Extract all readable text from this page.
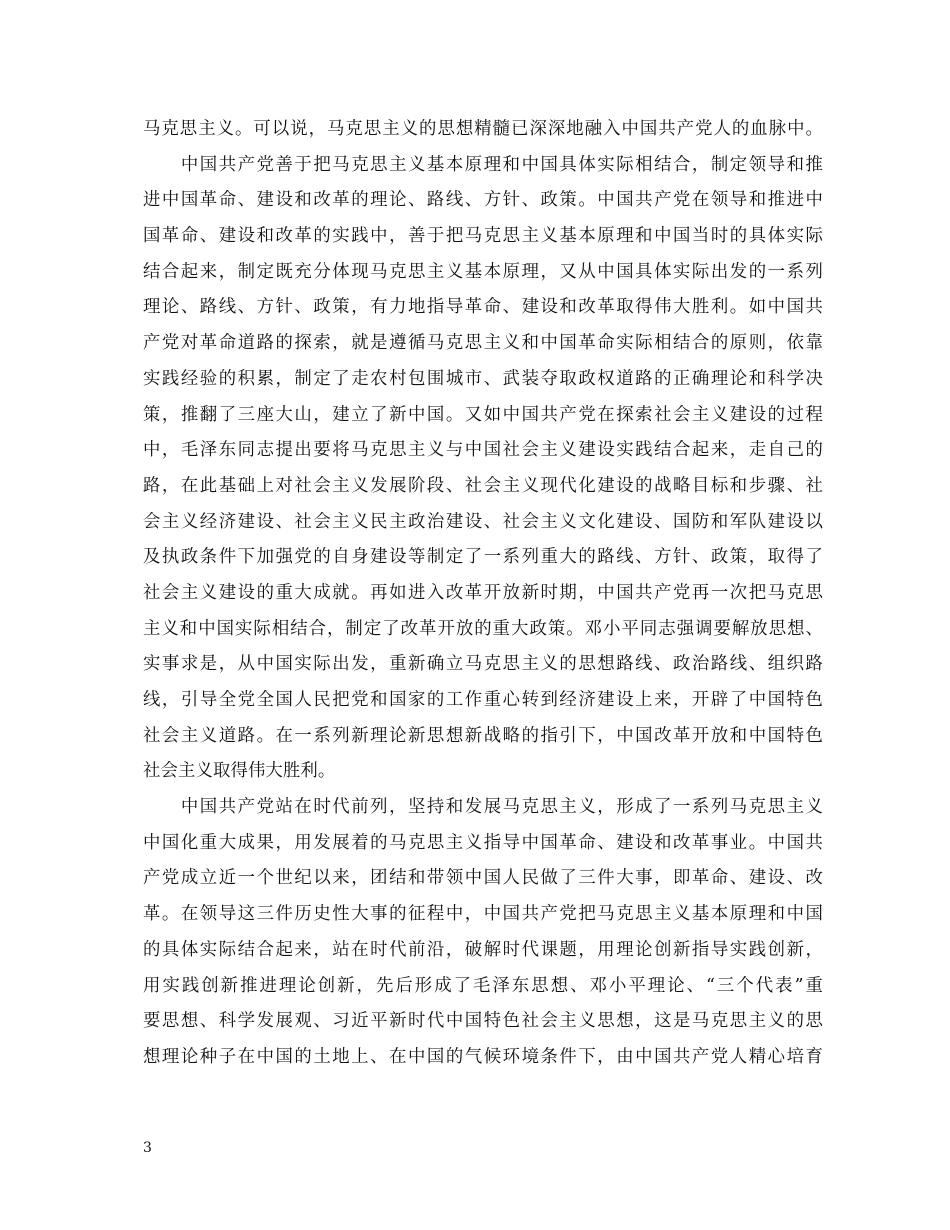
马克思主义。可以说，马克思主义的思想精髓已深深地融入中国共产党人的血脉中。
　　中国共产党善于把马克思主义基本原理和中国具体实际相结合，制定领导和推
进中国革命、建设和改革的理论、路线、方针、政策。中国共产党在领导和推进中
国革命、建设和改革的实践中，善于把马克思主义基本原理和中国当时的具体实际
结合起来，制定既充分体现马克思主义基本原理，又从中国具体实际出发的一系列
理论、路线、方针、政策，有力地指导革命、建设和改革取得伟大胜利。如中国共
产党对革命道路的探索，就是遵循马克思主义和中国革命实际相结合的原则，依靠
实践经验的积累，制定了走农村包围城市、武装夺取政权道路的正确理论和科学决
策，推翻了三座大山，建立了新中国。又如中国共产党在探索社会主义建设的过程
中，毛泽东同志提出要将马克思主义与中国社会主义建设实践结合起来，走自己的
路，在此基础上对社会主义发展阶段、社会主义现代化建设的战略目标和步骤、社
会主义经济建设、社会主义民主政治建设、社会主义文化建设、国防和军队建设以
及执政条件下加强党的自身建设等制定了一系列重大的路线、方针、政策，取得了
社会主义建设的重大成就。再如进入改革开放新时期，中国共产党再一次把马克思
主义和中国实际相结合，制定了改革开放的重大政策。邓小平同志强调要解放思想、
实事求是，从中国实际出发，重新确立马克思主义的思想路线、政治路线、组织路
线，引导全党全国人民把党和国家的工作重心转到经济建设上来，开辟了中国特色
社会主义道路。在一系列新理论新思想新战略的指引下，中国改革开放和中国特色
社会主义取得伟大胜利。
　　中国共产党站在时代前列，坚持和发展马克思主义，形成了一系列马克思主义
中国化重大成果，用发展着的马克思主义指导中国革命、建设和改革事业。中国共
产党成立近一个世纪以来，团结和带领中国人民做了三件大事，即革命、建设、改
革。在领导这三件历史性大事的征程中，中国共产党把马克思主义基本原理和中国
的具体实际结合起来，站在时代前沿，破解时代课题，用理论创新指导实践创新，
用实践创新推进理论创新，先后形成了毛泽东思想、邓小平理论、“三个代表”重
要思想、科学发展观、习近平新时代中国特色社会主义思想，这是马克思主义的思
想理论种子在中国的土地上、在中国的气候环境条件下，由中国共产党人精心培育
3
